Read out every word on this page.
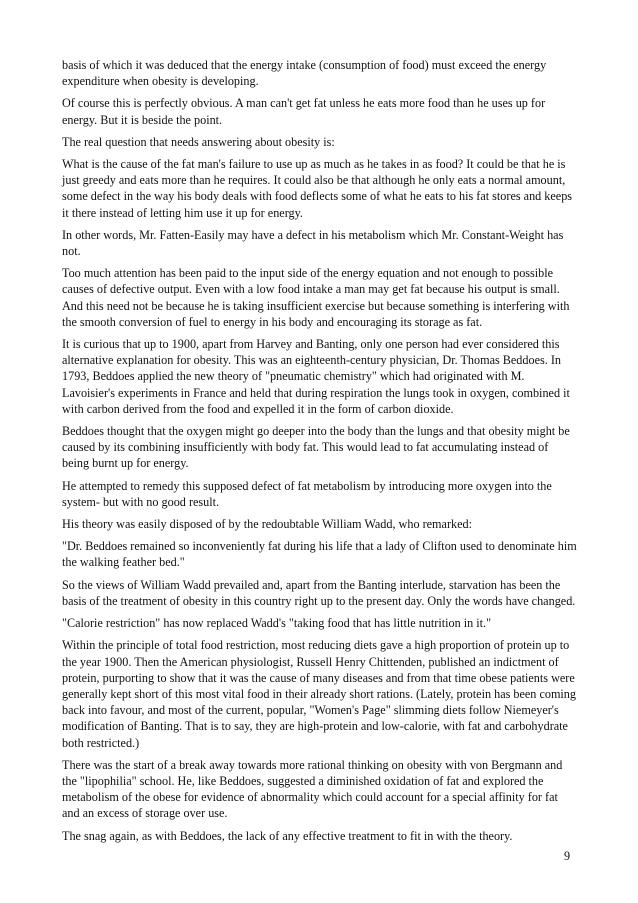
basis of which it was deduced that the energy intake (consumption of food) must exceed the energy expenditure when obesity is developing.

Of course this is perfectly obvious. A man can't get fat unless he eats more food than he uses up for energy. But it is beside the point.

The real question that needs answering about obesity is:

What is the cause of the fat man's failure to use up as much as he takes in as food? It could be that he is just greedy and eats more than he requires. It could also be that although he only eats a normal amount, some defect in the way his body deals with food deflects some of what he eats to his fat stores and keeps it there instead of letting him use it up for energy.

In other words, Mr. Fatten-Easily may have a defect in his metabolism which Mr. Constant-Weight has not.

Too much attention has been paid to the input side of the energy equation and not enough to possible causes of defective output. Even with a low food intake a man may get fat because his output is small. And this need not be because he is taking insufficient exercise but because something is interfering with the smooth conversion of fuel to energy in his body and encouraging its storage as fat.

It is curious that up to 1900, apart from Harvey and Banting, only one person had ever considered this alternative explanation for obesity. This was an eighteenth-century physician, Dr. Thomas Beddoes. In 1793, Beddoes applied the new theory of "pneumatic chemistry" which had originated with M. Lavoisier's experiments in France and held that during respiration the lungs took in oxygen, combined it with carbon derived from the food and expelled it in the form of carbon dioxide.

Beddoes thought that the oxygen might go deeper into the body than the lungs and that obesity might be caused by its combining insufficiently with body fat. This would lead to fat accumulating instead of being burnt up for energy.

He attempted to remedy this supposed defect of fat metabolism by introducing more oxygen into the system- but with no good result.

His theory was easily disposed of by the redoubtable William Wadd, who remarked:

"Dr. Beddoes remained so inconveniently fat during his life that a lady of Clifton used to denominate him the walking feather bed."

So the views of William Wadd prevailed and, apart from the Banting interlude, starvation has been the basis of the treatment of obesity in this country right up to the present day. Only the words have changed.

"Calorie restriction" has now replaced Wadd's "taking food that has little nutrition in it."

Within the principle of total food restriction, most reducing diets gave a high proportion of protein up to the year 1900. Then the American physiologist, Russell Henry Chittenden, published an indictment of protein, purporting to show that it was the cause of many diseases and from that time obese patients were generally kept short of this most vital food in their already short rations. (Lately, protein has been coming back into favour, and most of the current, popular, "Women's Page" slimming diets follow Niemeyer's modification of Banting. That is to say, they are high-protein and low-calorie, with fat and carbohydrate both restricted.)

There was the start of a break away towards more rational thinking on obesity with von Bergmann and the "lipophilia" school. He, like Beddoes, suggested a diminished oxidation of fat and explored the metabolism of the obese for evidence of abnormality which could account for a special affinity for fat and an excess of storage over use.

The snag again, as with Beddoes, the lack of any effective treatment to fit in with the theory.

9
